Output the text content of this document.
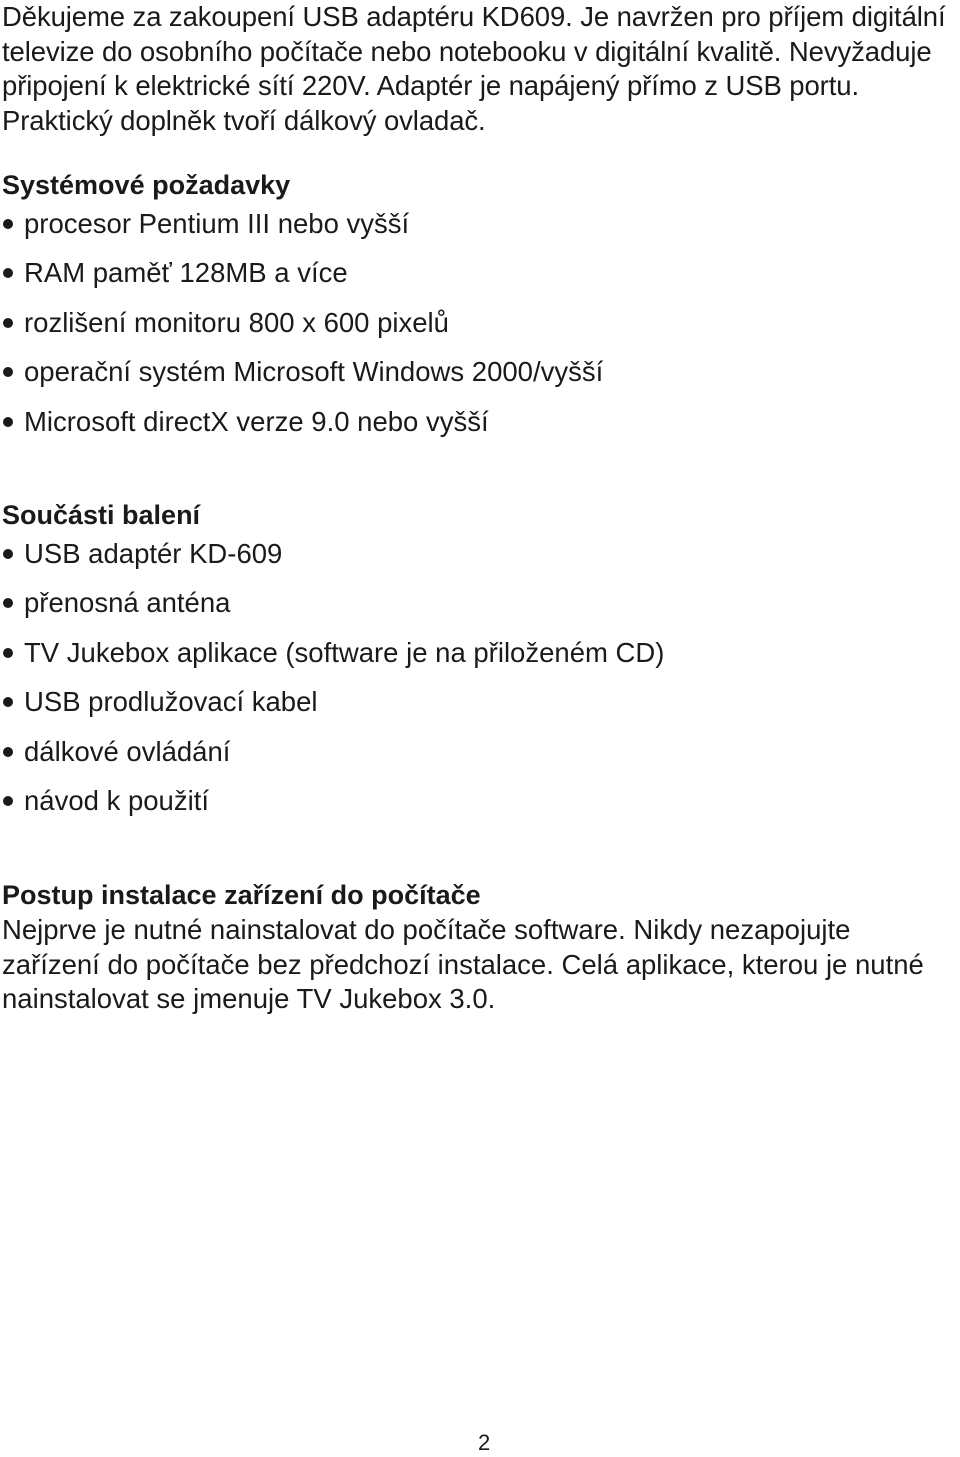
Děkujeme za zakoupení USB adaptéru KD609. Je navržen pro příjem digitální televize do osobního počítače nebo notebooku v digitální kvalitě. Nevyžaduje připojení k elektrické sítí 220V. Adaptér je napájený přímo z USB portu. Praktický doplněk tvoří dálkový ovladač.

Systémové požadavky
procesor Pentium III nebo vyšší
RAM paměť 128MB a více
rozlišení monitoru 800 x 600 pixelů
operační systém Microsoft Windows 2000/vyšší
Microsoft directX verze 9.0 nebo vyšší
Součásti balení
USB adaptér KD-609
přenosná anténa
TV Jukebox aplikace (software je na přiloženém CD)
USB prodlužovací kabel
dálkové ovládání
návod k použití
Postup instalace zařízení do počítače

Nejprve je nutné nainstalovat do počítače software. Nikdy nezapojujte zařízení do počítače bez předchozí instalace. Celá aplikace, kterou je nutné nainstalovat se jmenuje TV Jukebox 3.0.

2
